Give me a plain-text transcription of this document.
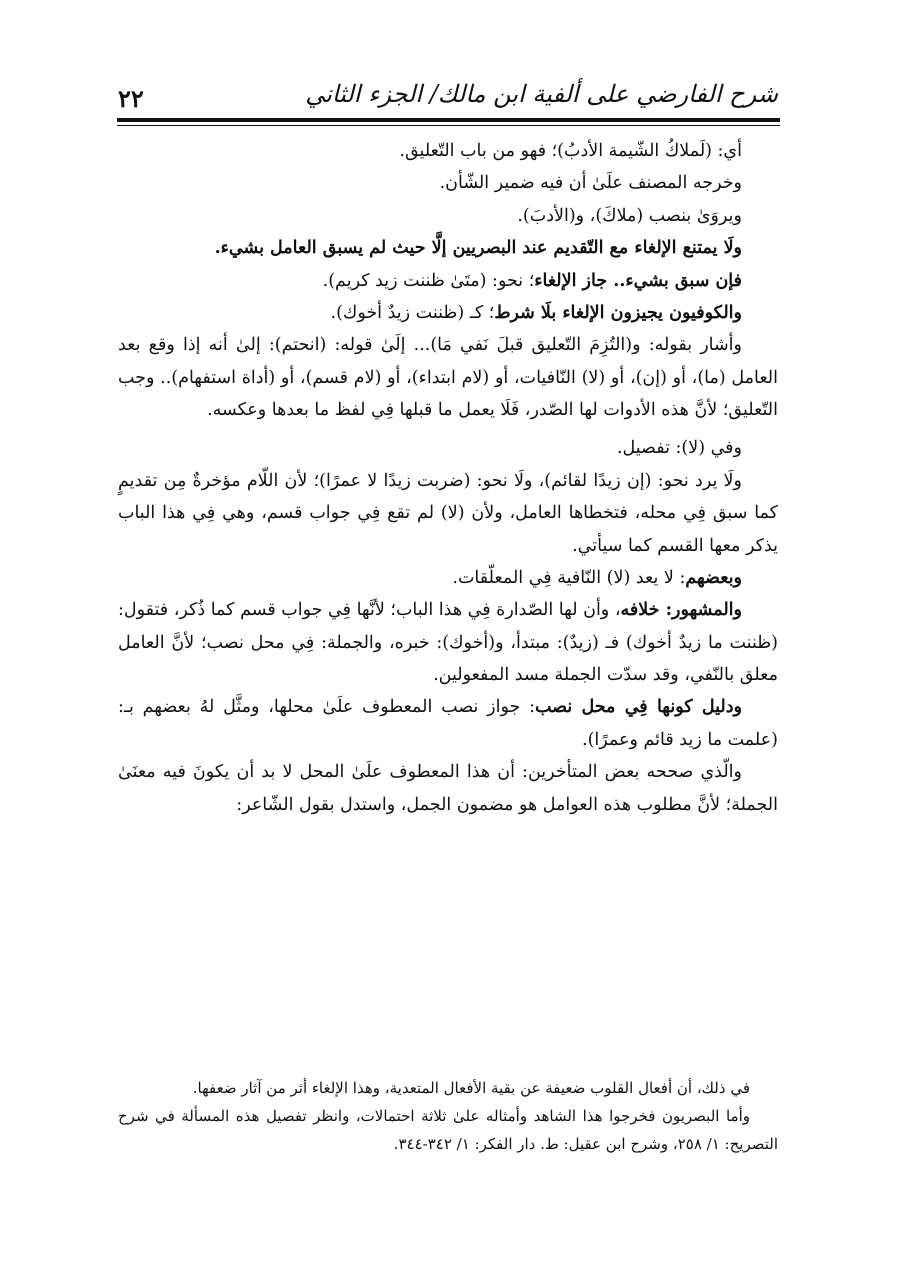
شرح الفارضي على ألفية ابن مالك/ الجزء الثاني
٢٢

أي: (لَملاكُ الشّيمة الأدبُ)؛ فهو من باب التّعليق.

وخرجه المصنف علَىٰ أن فيه ضمير الشّأن.

ويروَىٰ بنصب (ملاكَ)، و(الأدبَ).

ولَا يمتنع الإلغاء مع التّقديم عند البصريين إلَّا حيث لم يسبق العامل بشيء.

فإن سبق بشيء.. جاز الإلغاء؛ نحو: (متَىٰ ظننت زيد كريم).

والكوفيون يجيزون الإلغاء بلَا شرط؛ كـ (ظننت زيدٌ أخوك).

وأشار بقوله: و(التُزِمَ التّعليق قبلَ نَفي مَا)... إلَىٰ قوله: (انحتم): إلىٰ أنه إذا وقع بعد العامل (ما)، أو (إن)، أو (لا) النّافيات، أو (لام ابتداء)، أو (لام قسم)، أو (أداة استفهام).. وجب التّعليق؛ لأنَّ هذه الأدوات لها الصّدر، فَلَا يعمل ما قبلها فِي لفظ ما بعدها وعكسه.

وفي (لا): تفصيل.

ولَا يرد نحو: (إن زيدًا لقائم)، ولَا نحو: (ضربت زيدًا لا عمرًا)؛ لأن اللّام مؤخرةٌ مِن تقديمٍ كما سبق فِي محله، فتخطاها العامل، ولأن (لا) لم تقع فِي جواب قسم، وهي فِي هذا الباب يذكر معها القسم كما سيأتي.

وبعضهم: لا يعد (لا) النّافية فِي المعلّقات.

والمشهور: خلافه، وأن لها الصّدارة فِي هذا الباب؛ لأنَّها فِي جواب قسم كما ذُكر، فتقول: (ظننت ما زيدٌ أخوك) فـ (زيدٌ): مبتدأ، و(أخوك): خبره، والجملة: فِي محل نصب؛ لأنَّ العامل معلق بالنّفي، وقد سدّت الجملة مسد المفعولين.

ودليل كونها فِي محل نصب: جواز نصب المعطوف علَىٰ محلها، ومثَّل لهُ بعضهم بـ: (علمت ما زيد قائم وعمرًا).

والّذي صححه بعض المتأخرين: أن هذا المعطوف علَىٰ المحل لا بد أن يكونَ فيه معنَىٰ الجملة؛ لأنَّ مطلوب هذه العوامل هو مضمون الجمل، واستدل بقول الشّاعر:

في ذلك، أن أفعال القلوب ضعيفة عن بقية الأفعال المتعدية، وهذا الإلغاء أثر من آثار ضعفها.

وأما البصريون فخرجوا هذا الشاهد وأمثاله علىٰ ثلاثة احتمالات، وانظر تفصيل هذه المسألة في شرح التصريح: ١/ ٢٥٨، وشرح ابن عقيل: ط. دار الفكر: ١/ ٣٤٢-٣٤٤.
